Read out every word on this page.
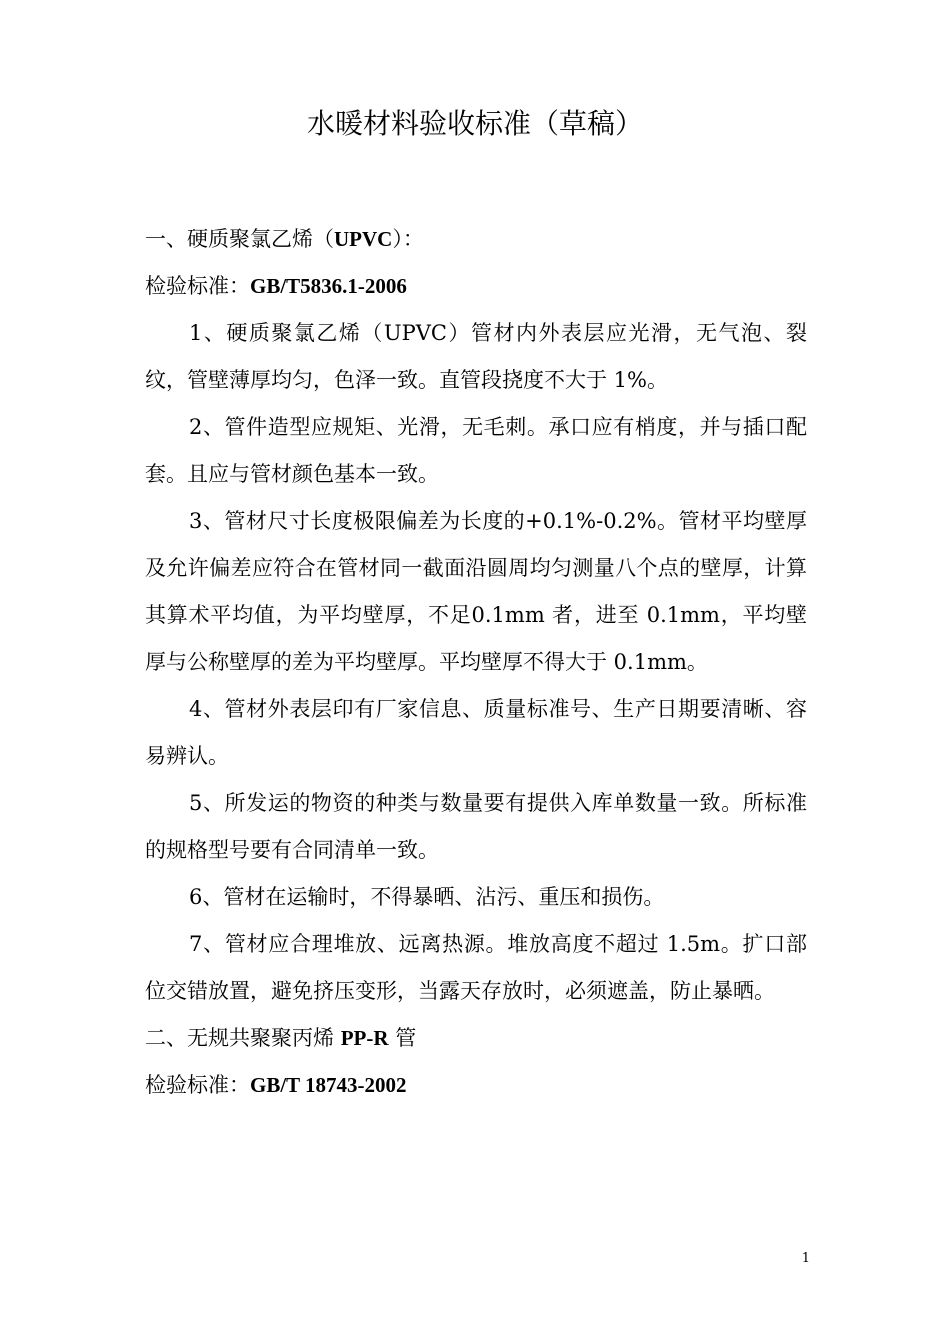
水暖材料验收标准（草稿）

一、硬质聚氯乙烯（UPVC）：

检验标准：GB/T5836.1-2006

1、硬质聚氯乙烯（UPVC）管材内外表层应光滑，无气泡、裂纹，管壁薄厚均匀，色泽一致。直管段挠度不大于 1%。

2、管件造型应规矩、光滑，无毛刺。承口应有梢度，并与插口配套。且应与管材颜色基本一致。

3、管材尺寸长度极限偏差为长度的+0.1%-0.2%。管材平均壁厚及允许偏差应符合在管材同一截面沿圆周均匀测量八个点的壁厚，计算其算术平均值，为平均壁厚，不足0.1mm 者，进至 0.1mm，平均壁厚与公称壁厚的差为平均壁厚。平均壁厚不得大于 0.1mm。

4、管材外表层印有厂家信息、质量标准号、生产日期要清晰、容易辨认。

5、所发运的物资的种类与数量要有提供入库单数量一致。所标准的规格型号要有合同清单一致。

6、管材在运输时，不得暴晒、沾污、重压和损伤。

7、管材应合理堆放、远离热源。堆放高度不超过 1.5m。扩口部位交错放置，避免挤压变形，当露天存放时，必须遮盖，防止暴晒。

二、无规共聚聚丙烯 PP-R 管

检验标准：GB/T 18743-2002

1
